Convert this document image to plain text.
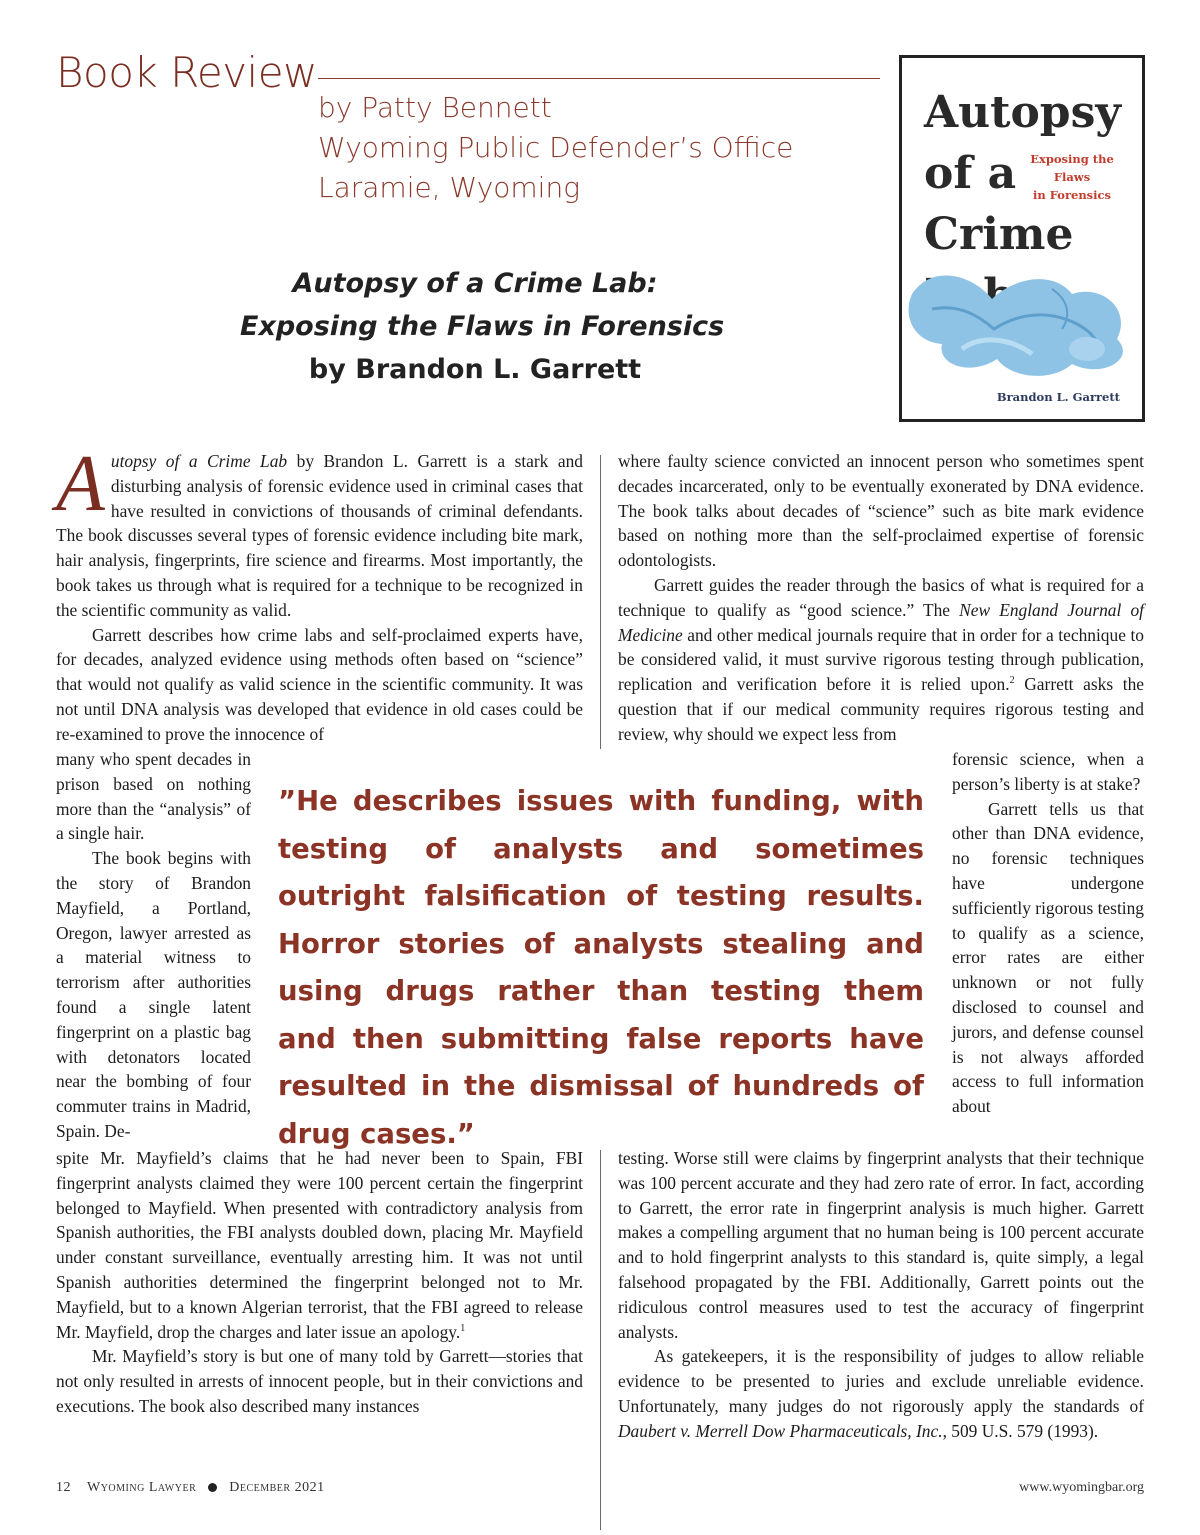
Book Review
by Patty Bennett
Wyoming Public Defender’s Office
Laramie, Wyoming
Autopsy of a Crime Lab:
Exposing the Flaws in Forensics
by Brandon L. Garrett
Autopsy
of a
Crime
Exposing the
Flaws
in Forensics
Brandon L. Garrett

Autopsy of a Crime Lab by Brandon L. Garrett is a stark and disturbing analysis of forensic evidence used in criminal cases that have resulted in convictions of thousands of criminal defendants. The book discusses several types of forensic evidence including bite mark, hair analysis, fingerprints, fire science and firearms. Most importantly, the book takes us through what is required for a technique to be recognized in the scientific community as valid.

Garrett describes how crime labs and self-proclaimed experts have, for decades, analyzed evidence using methods often based on “science” that would not qualify as valid science in the scientific community. It was not until DNA analysis was developed that evidence in old cases could be re-examined to prove the innocence of

many who spent decades in prison based on nothing more than the “analysis” of a single hair.

The book begins with the story of Brandon Mayfield, a Portland, Oregon, lawyer arrested as a material witness to terrorism after authorities found a single latent fingerprint on a plastic bag with detonators located near the bombing of four commuter trains in Madrid, Spain. De-

spite Mr. Mayfield’s claims that he had never been to Spain, FBI fingerprint analysts claimed they were 100 percent certain the fingerprint belonged to Mayfield. When presented with contradictory analysis from Spanish authorities, the FBI analysts doubled down, placing Mr. Mayfield under constant surveillance, eventually arresting him. It was not until Spanish authorities determined the fingerprint belonged not to Mr. Mayfield, but to a known Algerian terrorist, that the FBI agreed to release Mr. Mayfield, drop the charges and later issue an apology.$^1$

Mr. Mayfield’s story is but one of many told by Garrett—stories that not only resulted in arrests of innocent people, but in their convictions and executions. The book also described many instances

where faulty science convicted an innocent person who sometimes spent decades incarcerated, only to be eventually exonerated by DNA evidence. The book talks about decades of “science” such as bite mark evidence based on nothing more than the self-proclaimed expertise of forensic odontologists.

Garrett guides the reader through the basics of what is required for a technique to qualify as “good science.” The New England Journal of Medicine and other medical journals require that in order for a technique to be considered valid, it must survive rigorous testing through publication, replication and verification before it is relied upon.$^2$ Garrett asks the question that if our medical community requires rigorous testing and review, why should we expect less from

forensic science, when a person’s liberty is at stake?

Garrett tells us that other than DNA evidence, no forensic techniques have undergone sufficiently rigorous testing to qualify as a science, error rates are either unknown or not fully disclosed to counsel and jurors, and defense counsel is not always afforded access to full information about

testing. Worse still were claims by fingerprint analysts that their technique was 100 percent accurate and they had zero rate of error. In fact, according to Garrett, the error rate in fingerprint analysis is much higher. Garrett makes a compelling argument that no human being is 100 percent accurate and to hold fingerprint analysts to this standard is, quite simply, a legal falsehood propagated by the FBI. Additionally, Garrett points out the ridiculous control measures used to test the accuracy of fingerprint analysts.

As gatekeepers, it is the responsibility of judges to allow reliable evidence to be presented to juries and exclude unreliable evidence. Unfortunately, many judges do not rigorously apply the standards of Daubert v. Merrell Dow Pharmaceuticals, Inc., 509 U.S. 579 (1993).

”He describes issues with funding, with testing of analysts and sometimes outright falsification of testing results. Horror stories of analysts stealing and using drugs rather than testing them and then submitting false reports have resulted in the dismissal of hundreds of drug cases.”
12 Wyoming Lawyer December 2021	www.wyomingbar.org
